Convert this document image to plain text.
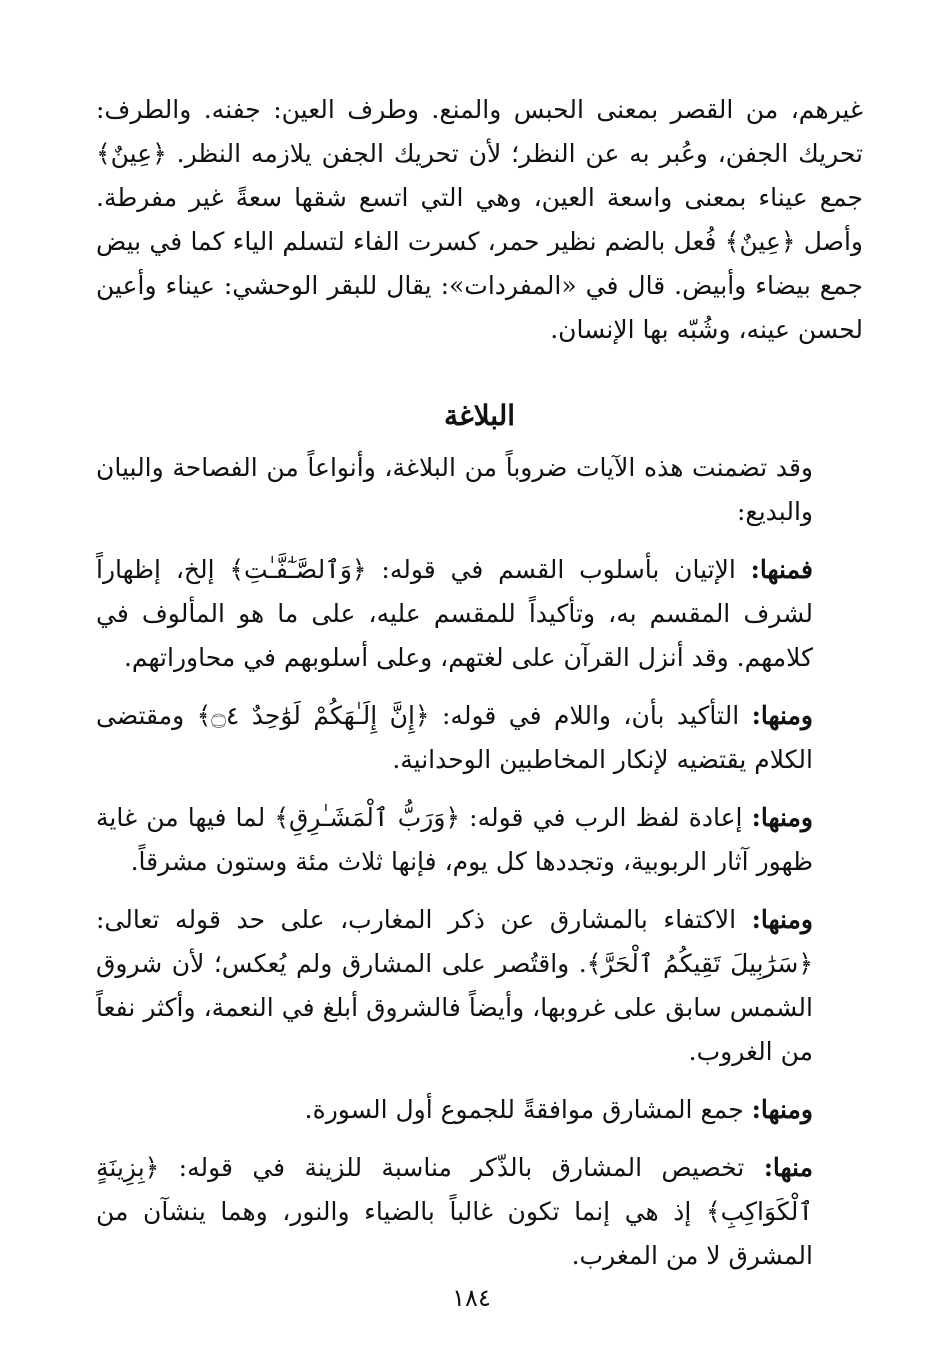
غيرهم، من القصر بمعنى الحبس والمنع. وطرف العين: جفنه. والطرف: تحريك الجفن، وعُبر به عن النظر؛ لأن تحريك الجفن يلازمه النظر. ﴿عِينٌ﴾ جمع عيناء بمعنى واسعة العين، وهي التي اتسع شقها سعةً غير مفرطة. وأصل ﴿عِينٌ﴾ فُعل بالضم نظير حمر، كسرت الفاء لتسلم الياء كما في بيض جمع بيضاء وأبيض. قال في «المفردات»: يقال للبقر الوحشي: عيناء وأعين لحسن عينه، وشُبّه بها الإنسان.

البلاغة

وقد تضمنت هذه الآيات ضروباً من البلاغة، وأنواعاً من الفصاحة والبيان والبديع:

فمنها: الإتيان بأسلوب القسم في قوله: ﴿وَٱلصَّـٰٓفَّـٰتِ﴾ إلخ، إظهاراً لشرف المقسم به، وتأكيداً للمقسم عليه، على ما هو المألوف في كلامهم. وقد أنزل القرآن على لغتهم، وعلى أسلوبهم في محاوراتهم.

ومنها: التأكيد بأن، واللام في قوله: ﴿إِنَّ إِلَـٰهَكُمْ لَوَٰحِدٌ ۝٤﴾ ومقتضى الكلام يقتضيه لإنكار المخاطبين الوحدانية.

ومنها: إعادة لفظ الرب في قوله: ﴿وَرَبُّ ٱلْمَشَـٰرِقِ﴾ لما فيها من غاية ظهور آثار الربوبية، وتجددها كل يوم، فإنها ثلاث مئة وستون مشرقاً.

ومنها: الاكتفاء بالمشارق عن ذكر المغارب، على حد قوله تعالى: ﴿سَرَٰبِيلَ تَقِيكُمُ ٱلْحَرَّ﴾. واقتُصر على المشارق ولم يُعكس؛ لأن شروق الشمس سابق على غروبها، وأيضاً فالشروق أبلغ في النعمة، وأكثر نفعاً من الغروب.

ومنها: جمع المشارق موافقةً للجموع أول السورة.

منها: تخصيص المشارق بالذّكر مناسبة للزينة في قوله: ﴿بِزِينَةٍ ٱلْكَوَاكِبِ﴾ إذ هي إنما تكون غالباً بالضياء والنور، وهما ينشآن من المشرق لا من المغرب.

١٨٤
